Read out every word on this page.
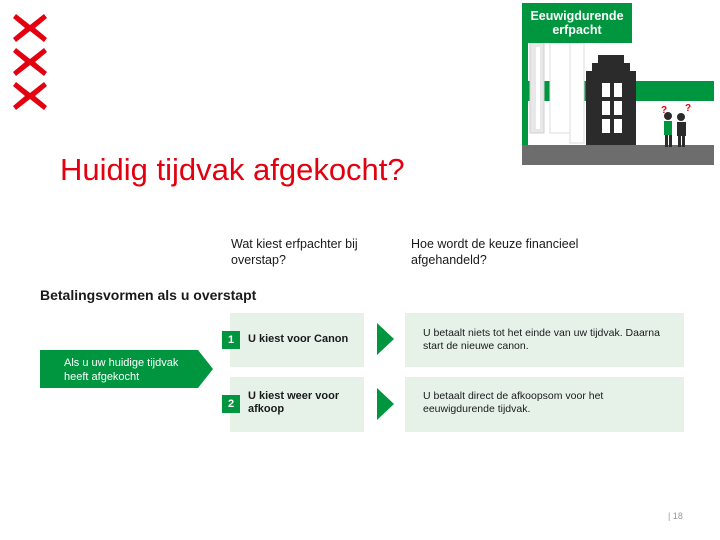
Huidig tijdvak afgekocht?
? ?
Eeuwigdurende erfpacht
Wat kiest erfpachter bij overstap?
Hoe wordt de keuze financieel afgehandeld?
Betalingsvormen als u overstapt
Als u uw huidige tijdvak heeft afgekocht
1	U kiest voor Canon
2
U kiest weer voor afkoop
U betaalt niets tot het einde van uw tijdvak. Daarna start de nieuwe canon.
U betaalt direct de afkoopsom voor het eeuwigdurende tijdvak.
| 18
